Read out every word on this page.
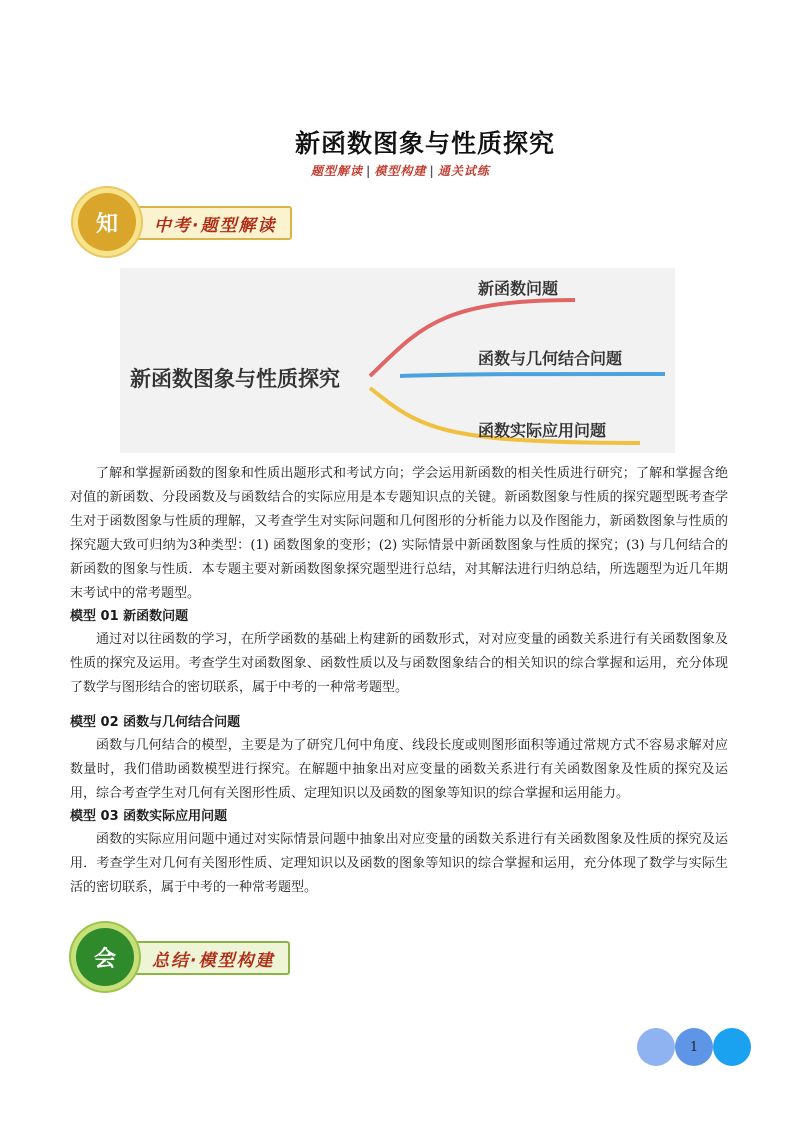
新函数图象与性质探究
题型解读 | 模型构建 | 通关试练
知	中考·题型解读
新函数图象与性质探究
新函数问题
函数与几何结合问题
函数实际应用问题

了解和掌握新函数的图象和性质出题形式和考试方向；学会运用新函数的相关性质进行研究；了解和掌握含绝对值的新函数、分段函数及与函数结合的实际应用是本专题知识点的关键。新函数图象与性质的探究题型既考查学生对于函数图象与性质的理解，又考查学生对实际问题和几何图形的分析能力以及作图能力，新函数图象与性质的探究题大致可归纳为3种类型：(1) 函数图象的变形；(2) 实际情景中新函数图象与性质的探究；(3) 与几何结合的新函数的图象与性质．本专题主要对新函数图象探究题型进行总结，对其解法进行归纳总结，所选题型为近几年期末考试中的常考题型。

模型 01 新函数问题

通过对以往函数的学习，在所学函数的基础上构建新的函数形式，对对应变量的函数关系进行有关函数图象及性质的探究及运用。考查学生对函数图象、函数性质以及与函数图象结合的相关知识的综合掌握和运用，充分体现了数学与图形结合的密切联系，属于中考的一种常考题型。

模型 02 函数与几何结合问题

函数与几何结合的模型，主要是为了研究几何中角度、线段长度或则图形面积等通过常规方式不容易求解对应数量时，我们借助函数模型进行探究。在解题中抽象出对应变量的函数关系进行有关函数图象及性质的探究及运用，综合考查学生对几何有关图形性质、定理知识以及函数的图象等知识的综合掌握和运用能力。

模型 03 函数实际应用问题

函数的实际应用问题中通过对实际情景问题中抽象出对应变量的函数关系进行有关函数图象及性质的探究及运用．考查学生对几何有关图形性质、定理知识以及函数的图象等知识的综合掌握和运用，充分体现了数学与实际生活的密切联系，属于中考的一种常考题型。

会	总结·模型构建
1
